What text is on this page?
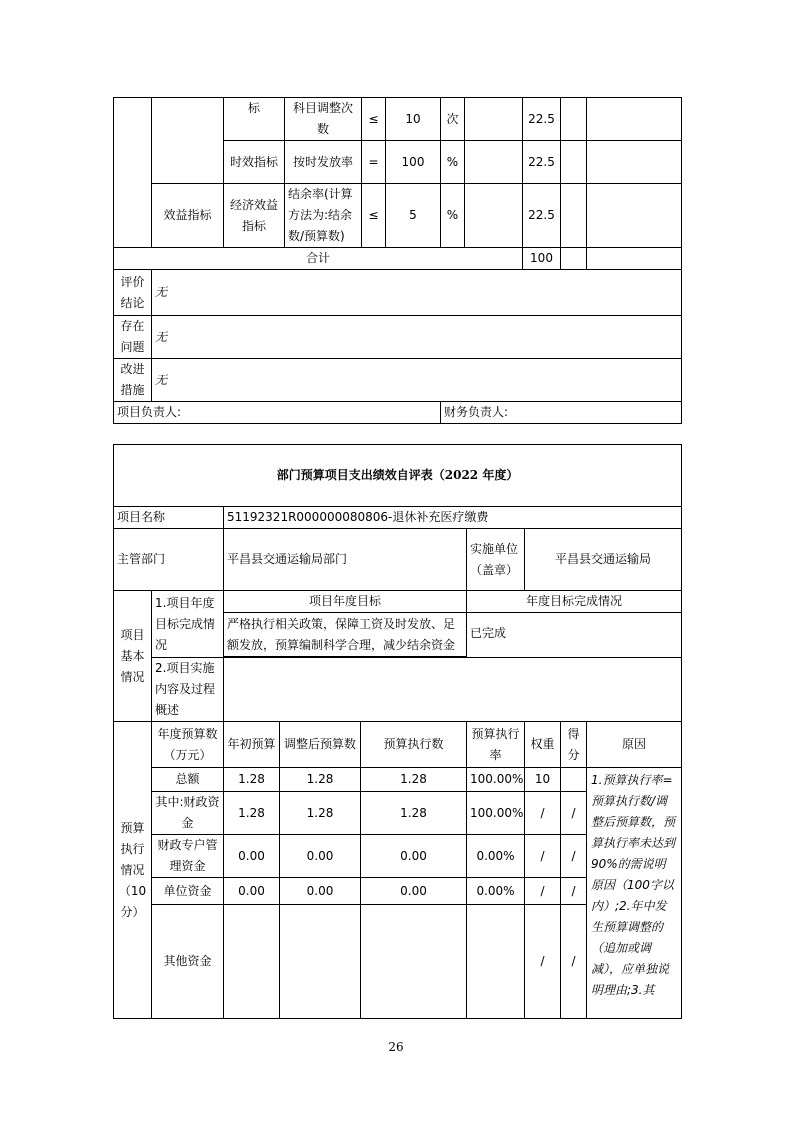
		标	科目调整次数	≤	10	次		22.5		
		时效指标	按时发放率	=	100	%		22.5		
	效益指标	经济效益指标	结余率(计算方法为:结余数/预算数)	≤	5	%		22.5		
合计								100		
评价结论	无									
存在问题	无									
改进措施	无									
项目负责人:						财务负责人:				
部门预算项目支出绩效自评表（2022 年度）								
项目名称		51192321R000000080806-退休补充医疗缴费						
主管部门		平昌县交通运输局部门			实施单位（盖章）	平昌县交通运输局		
项目基本情况	1.项目年度目标完成情况	项目年度目标			年度目标完成情况			
		严格执行相关政策，保障工资及时发放、足额发放，预算编制科学合理，减少结余资金			已完成			

	2.项目实施内容及过程概述							
预算执行情况（10分）	年度预算数（万元）	年初预算	调整后预算数	预算执行数	预算执行率	权重	得分	原因
	总额	1.28	1.28	1.28	100.00%	10		1.预算执行率=预算执行数/调整后预算数，预算执行率未达到90%的需说明原因（100字以内）;2.年中发生预算调整的（追加或调减），应单独说明理由;3.其
	其中:财政资金	1.28	1.28	1.28	100.00%	/	/	
	财政专户管理资金	0.00	0.00	0.00	0.00%	/	/	
	单位资金	0.00	0.00	0.00	0.00%	/	/	
	其他资金					/	/	
26
